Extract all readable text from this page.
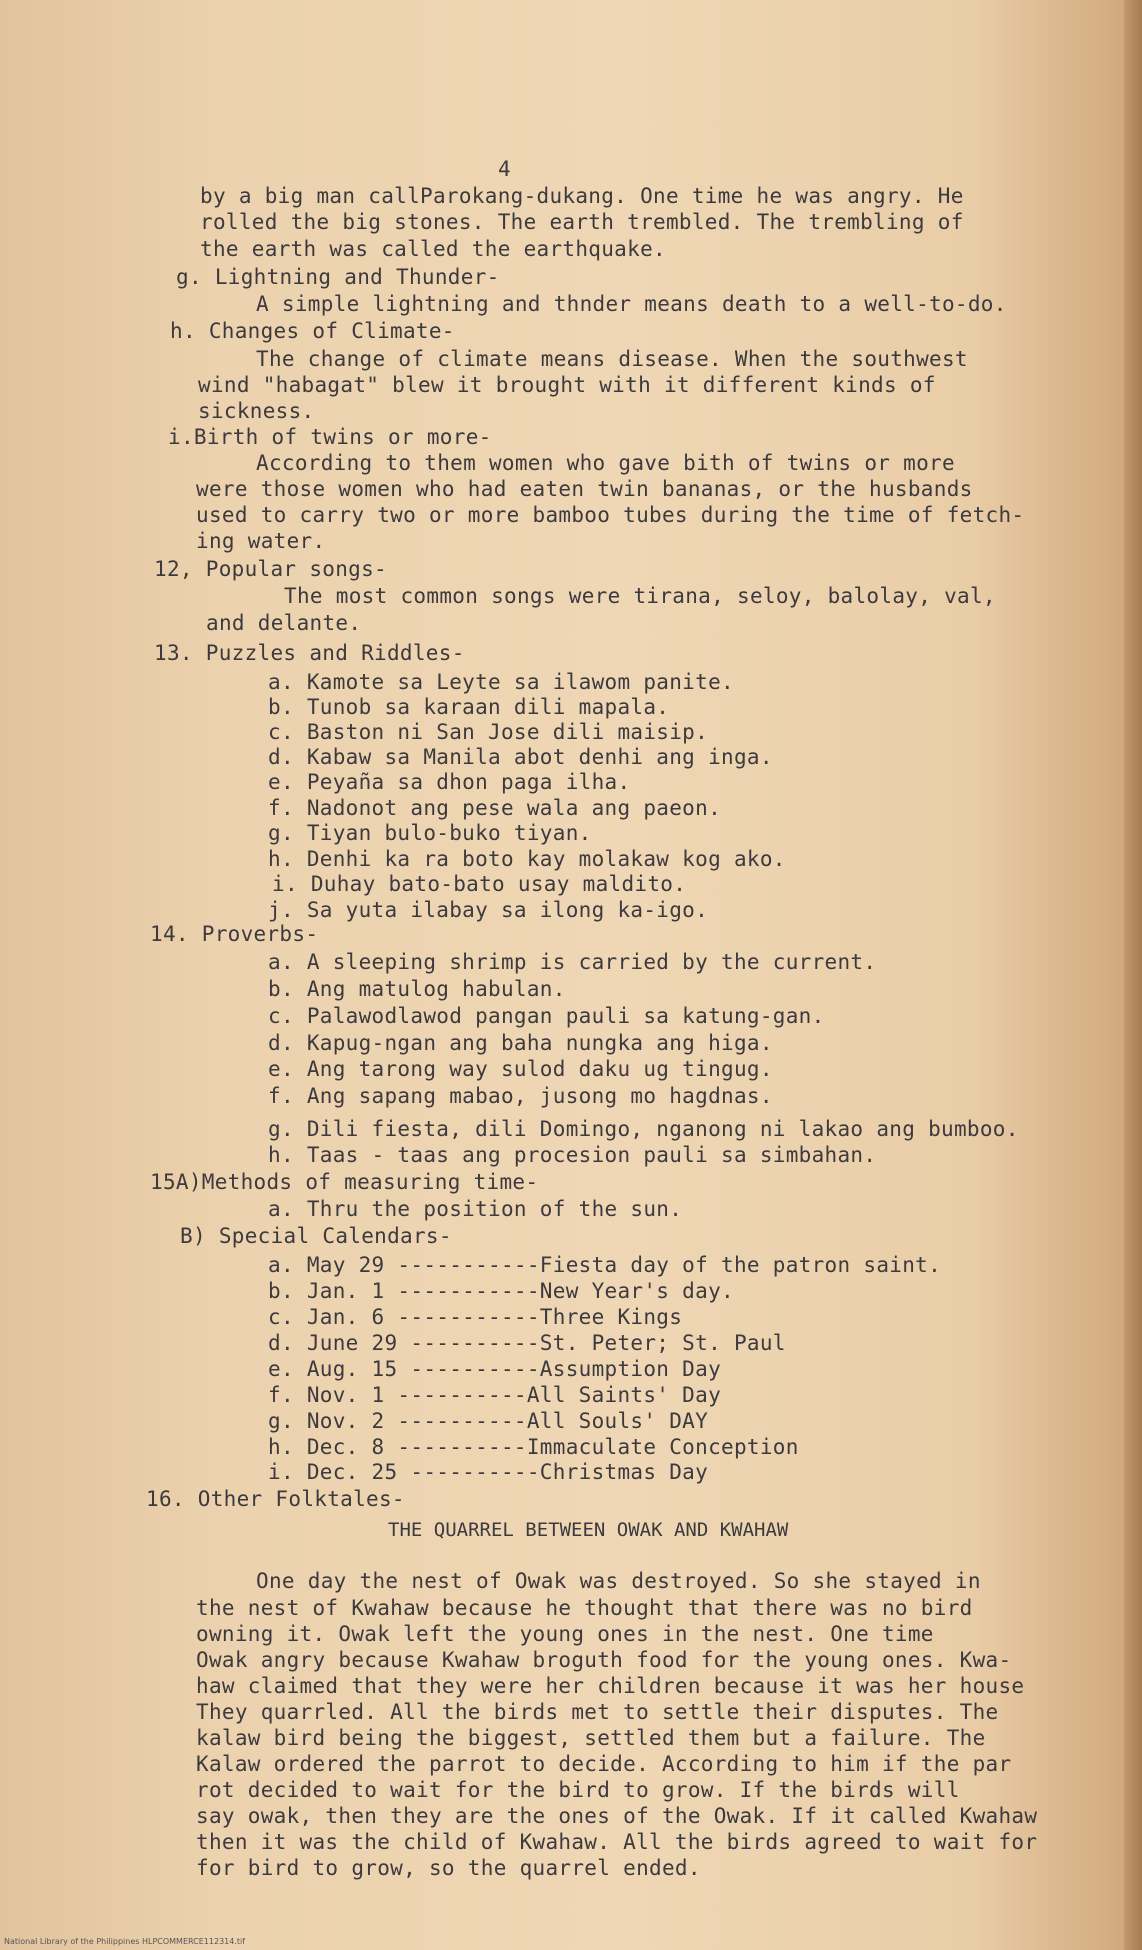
4
by a big man callParokang-dukang. One time he was angry. He
rolled the big stones. The earth trembled. The trembling of
the earth was called the earthquake.
g. Lightning and Thunder-
A simple lightning and thnder means death to a well-to-do.
h. Changes of Climate-
The change of climate means disease. When the southwest
wind "habagat" blew it brought with it different kinds of
sickness.
i.Birth of twins or more-
According to them women who gave bith of twins or more
were those women who had eaten twin bananas, or the husbands
used to carry two or more bamboo tubes during the time of fetch-
ing water.
12, Popular songs-
The most common songs were tirana, seloy, balolay, val,
and delante.
13. Puzzles and Riddles-
a. Kamote sa Leyte sa ilawom panite.
b. Tunob sa karaan dili mapala.
c. Baston ni San Jose dili maisip.
d. Kabaw sa Manila abot denhi ang inga.
e. Peyaña sa dhon paga ilha.
f. Nadonot ang pese wala ang paeon.
g. Tiyan bulo-buko tiyan.
h. Denhi ka ra boto kay molakaw kog ako.
i. Duhay bato-bato usay maldito.
j. Sa yuta ilabay sa ilong ka-igo.
14. Proverbs-
a. A sleeping shrimp is carried by the current.
b. Ang matulog habulan.
c. Palawodlawod pangan pauli sa katung-gan.
d. Kapug-ngan ang baha nungka ang higa.
e. Ang tarong way sulod daku ug tingug.
f. Ang sapang mabao, jusong mo hagdnas.
g. Dili fiesta, dili Domingo, nganong ni lakao ang bumboo.
h. Taas - taas ang procesion pauli sa simbahan.
15A)Methods of measuring time-
a. Thru the position of the sun.
B) Special Calendars-
a. May 29 -----------Fiesta day of the patron saint.
b. Jan. 1 -----------New Year's day.
c. Jan. 6 -----------Three Kings
d. June 29 ----------St. Peter; St. Paul
e. Aug. 15 ----------Assumption Day
f. Nov. 1 ----------All Saints' Day
g. Nov. 2 ----------All Souls' DAY
h. Dec. 8 ----------Immaculate Conception
i. Dec. 25 ----------Christmas Day
16. Other Folktales-
THE QUARREL BETWEEN OWAK AND KWAHAW
One day the nest of Owak was destroyed. So she stayed in
the nest of Kwahaw because he thought that there was no bird
owning it. Owak left the young ones in the nest. One time
Owak angry because Kwahaw broguth food for the young ones. Kwa-
haw claimed that they were her children because it was her house
They quarrled. All the birds met to settle their disputes. The
kalaw bird being the biggest, settled them but a failure. The
Kalaw ordered the parrot to decide. According to him if the par
rot decided to wait for the bird to grow. If the birds will
say owak, then they are the ones of the Owak. If it called Kwahaw
then it was the child of Kwahaw. All the birds agreed to wait for
for bird to grow, so the quarrel ended.
National Library of the Philippines HLPCOMMERCE112314.tif
